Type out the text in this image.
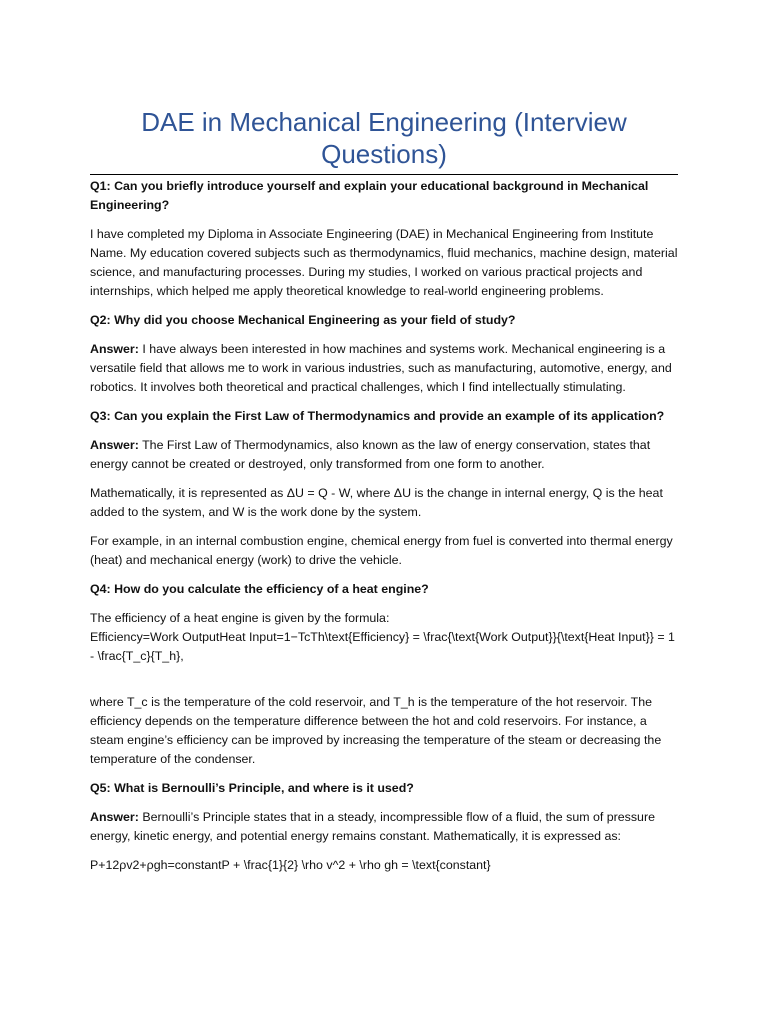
DAE in Mechanical Engineering (Interview Questions)

Q1: Can you briefly introduce yourself and explain your educational background in Mechanical Engineering?

I have completed my Diploma in Associate Engineering (DAE) in Mechanical Engineering from Institute Name. My education covered subjects such as thermodynamics, fluid mechanics, machine design, material science, and manufacturing processes. During my studies, I worked on various practical projects and internships, which helped me apply theoretical knowledge to real-world engineering problems.

Q2: Why did you choose Mechanical Engineering as your field of study?

Answer: I have always been interested in how machines and systems work. Mechanical engineering is a versatile field that allows me to work in various industries, such as manufacturing, automotive, energy, and robotics. It involves both theoretical and practical challenges, which I find intellectually stimulating.

Q3: Can you explain the First Law of Thermodynamics and provide an example of its application?

Answer: The First Law of Thermodynamics, also known as the law of energy conservation, states that energy cannot be created or destroyed, only transformed from one form to another.

Mathematically, it is represented as ΔU = Q - W, where ΔU is the change in internal energy, Q is the heat added to the system, and W is the work done by the system.

For example, in an internal combustion engine, chemical energy from fuel is converted into thermal energy (heat) and mechanical energy (work) to drive the vehicle.

Q4: How do you calculate the efficiency of a heat engine?

The efficiency of a heat engine is given by the formula:
Efficiency=Work OutputHeat Input=1−TcTh\text{Efficiency} = \frac{\text{Work Output}}{\text{Heat Input}} = 1 - \frac{T_c}{T_h},

where T_c is the temperature of the cold reservoir, and T_h is the temperature of the hot reservoir. The efficiency depends on the temperature difference between the hot and cold reservoirs. For instance, a steam engine’s efficiency can be improved by increasing the temperature of the steam or decreasing the temperature of the condenser.

Q5: What is Bernoulli’s Principle, and where is it used?

Answer: Bernoulli’s Principle states that in a steady, incompressible flow of a fluid, the sum of pressure energy, kinetic energy, and potential energy remains constant. Mathematically, it is expressed as:

P+12ρv2+ρgh=constantP + \frac{1}{2} \rho v^2 + \rho gh = \text{constant}
